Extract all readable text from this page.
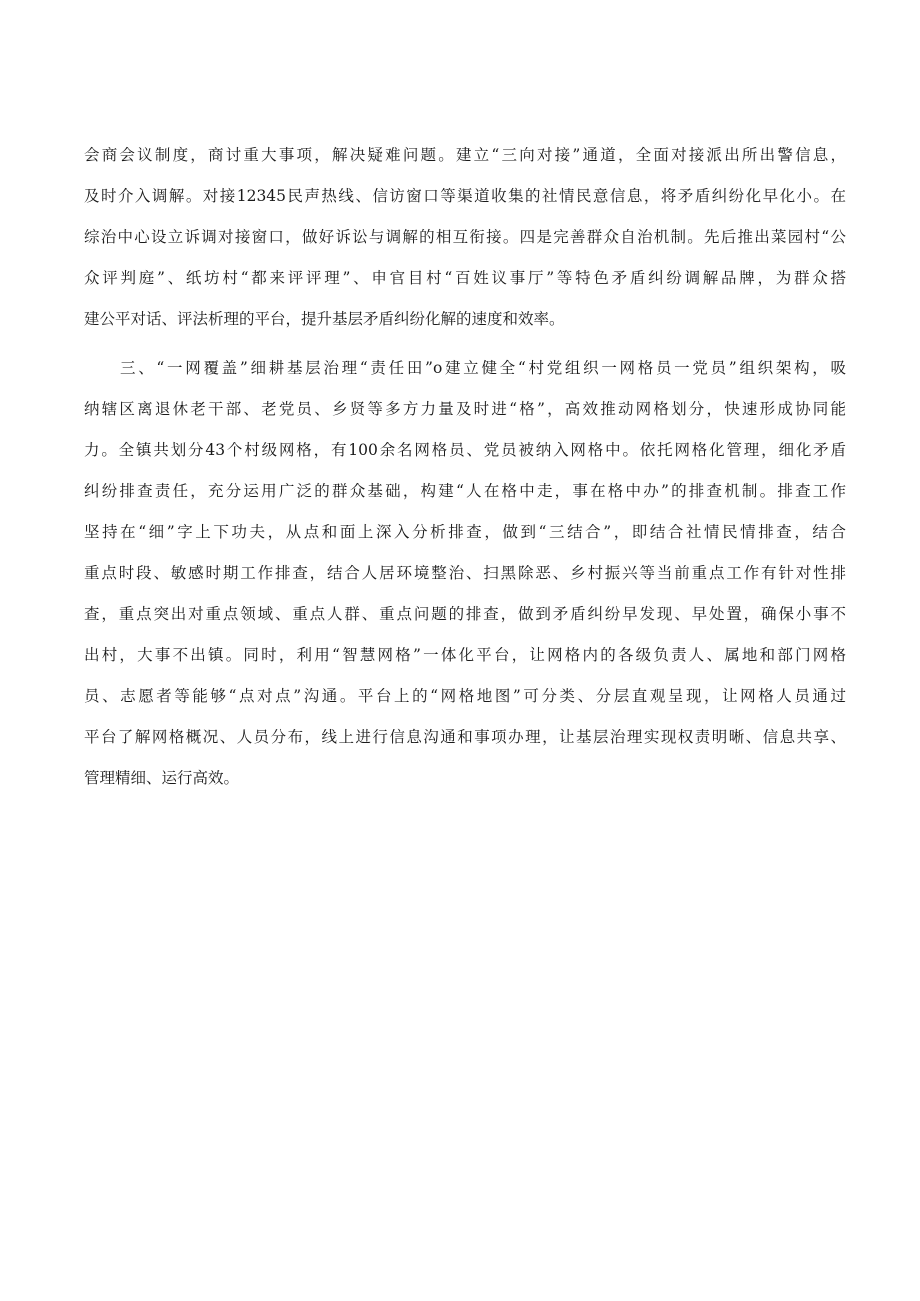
会商会议制度，商讨重大事项，解决疑难问题。建立“三向对接”通道，全面对接派出所出警信息，
及时介入调解。对接12345民声热线、信访窗口等渠道收集的社情民意信息，将矛盾纠纷化早化小。在
综治中心设立诉调对接窗口，做好诉讼与调解的相互衔接。四是完善群众自治机制。先后推出菜园村“公
众评判庭”、纸坊村“都来评评理”、申官目村“百姓议事厅”等特色矛盾纠纷调解品牌，为群众搭
建公平对话、评法析理的平台，提升基层矛盾纠纷化解的速度和效率。
三、“一网覆盖”细耕基层治理“责任田”o建立健全“村党组织一网格员一党员”组织架构，吸
纳辖区离退休老干部、老党员、乡贤等多方力量及时进“格”，高效推动网格划分，快速形成协同能
力。全镇共划分43个村级网格，有100余名网格员、党员被纳入网格中。依托网格化管理，细化矛盾
纠纷排查责任，充分运用广泛的群众基础，构建“人在格中走，事在格中办”的排查机制。排查工作
坚持在“细”字上下功夫，从点和面上深入分析排查，做到“三结合”，即结合社情民情排查，结合
重点时段、敏感时期工作排查，结合人居环境整治、扫黑除恶、乡村振兴等当前重点工作有针对性排
查，重点突出对重点领域、重点人群、重点问题的排查，做到矛盾纠纷早发现、早处置，确保小事不
出村，大事不出镇。同时，利用“智慧网格”一体化平台，让网格内的各级负责人、属地和部门网格
员、志愿者等能够“点对点”沟通。平台上的“网格地图”可分类、分层直观呈现，让网格人员通过
平台了解网格概况、人员分布，线上进行信息沟通和事项办理，让基层治理实现权责明晰、信息共享、
管理精细、运行高效。
